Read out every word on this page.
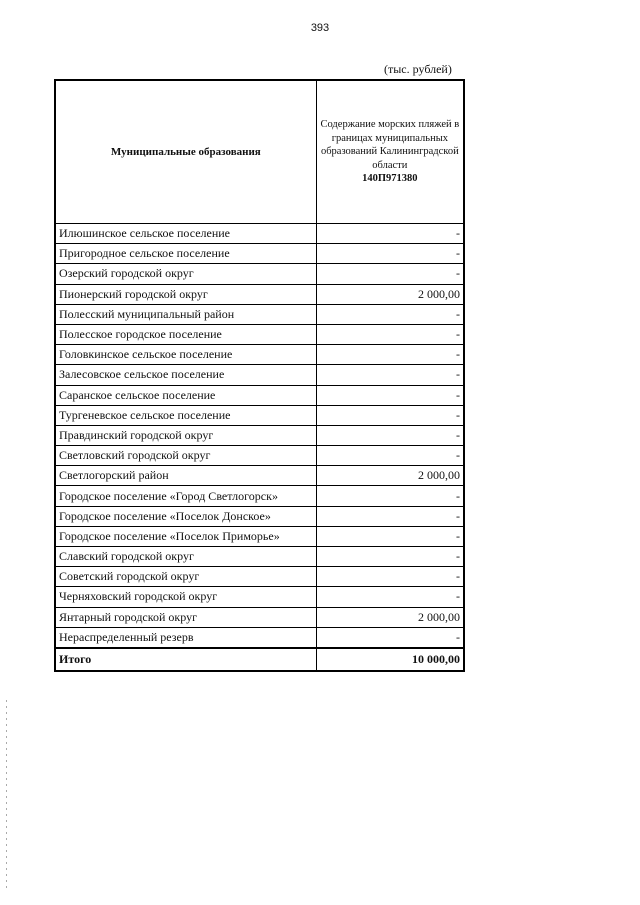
393
(тыс. рублей)
Муниципальные образования	Содержание морских пляжей в границах муниципальных образований Калининградской области
140П971380

Илюшинское сельское поселение	-
Пригородное сельское поселение	-
Озерский городской округ	-
Пионерский городской округ	2 000,00
Полесский муниципальный район	-
Полесское городское поселение	-
Головкинское сельское поселение	-
Залесовское сельское поселение	-
Саранское сельское поселение	-
Тургеневское сельское поселение	-
Правдинский городской округ	-
Светловский городской округ	-
Светлогорский район	2 000,00
Городское поселение «Город Светлогорск»	-
Городское поселение «Поселок Донское»	-
Городское поселение «Поселок Приморье»	-
Славский городской округ	-
Советский городской округ	-
Черняховский городской округ	-
Янтарный городской округ	2 000,00
Нераспределенный резерв	-
Итого	10 000,00
